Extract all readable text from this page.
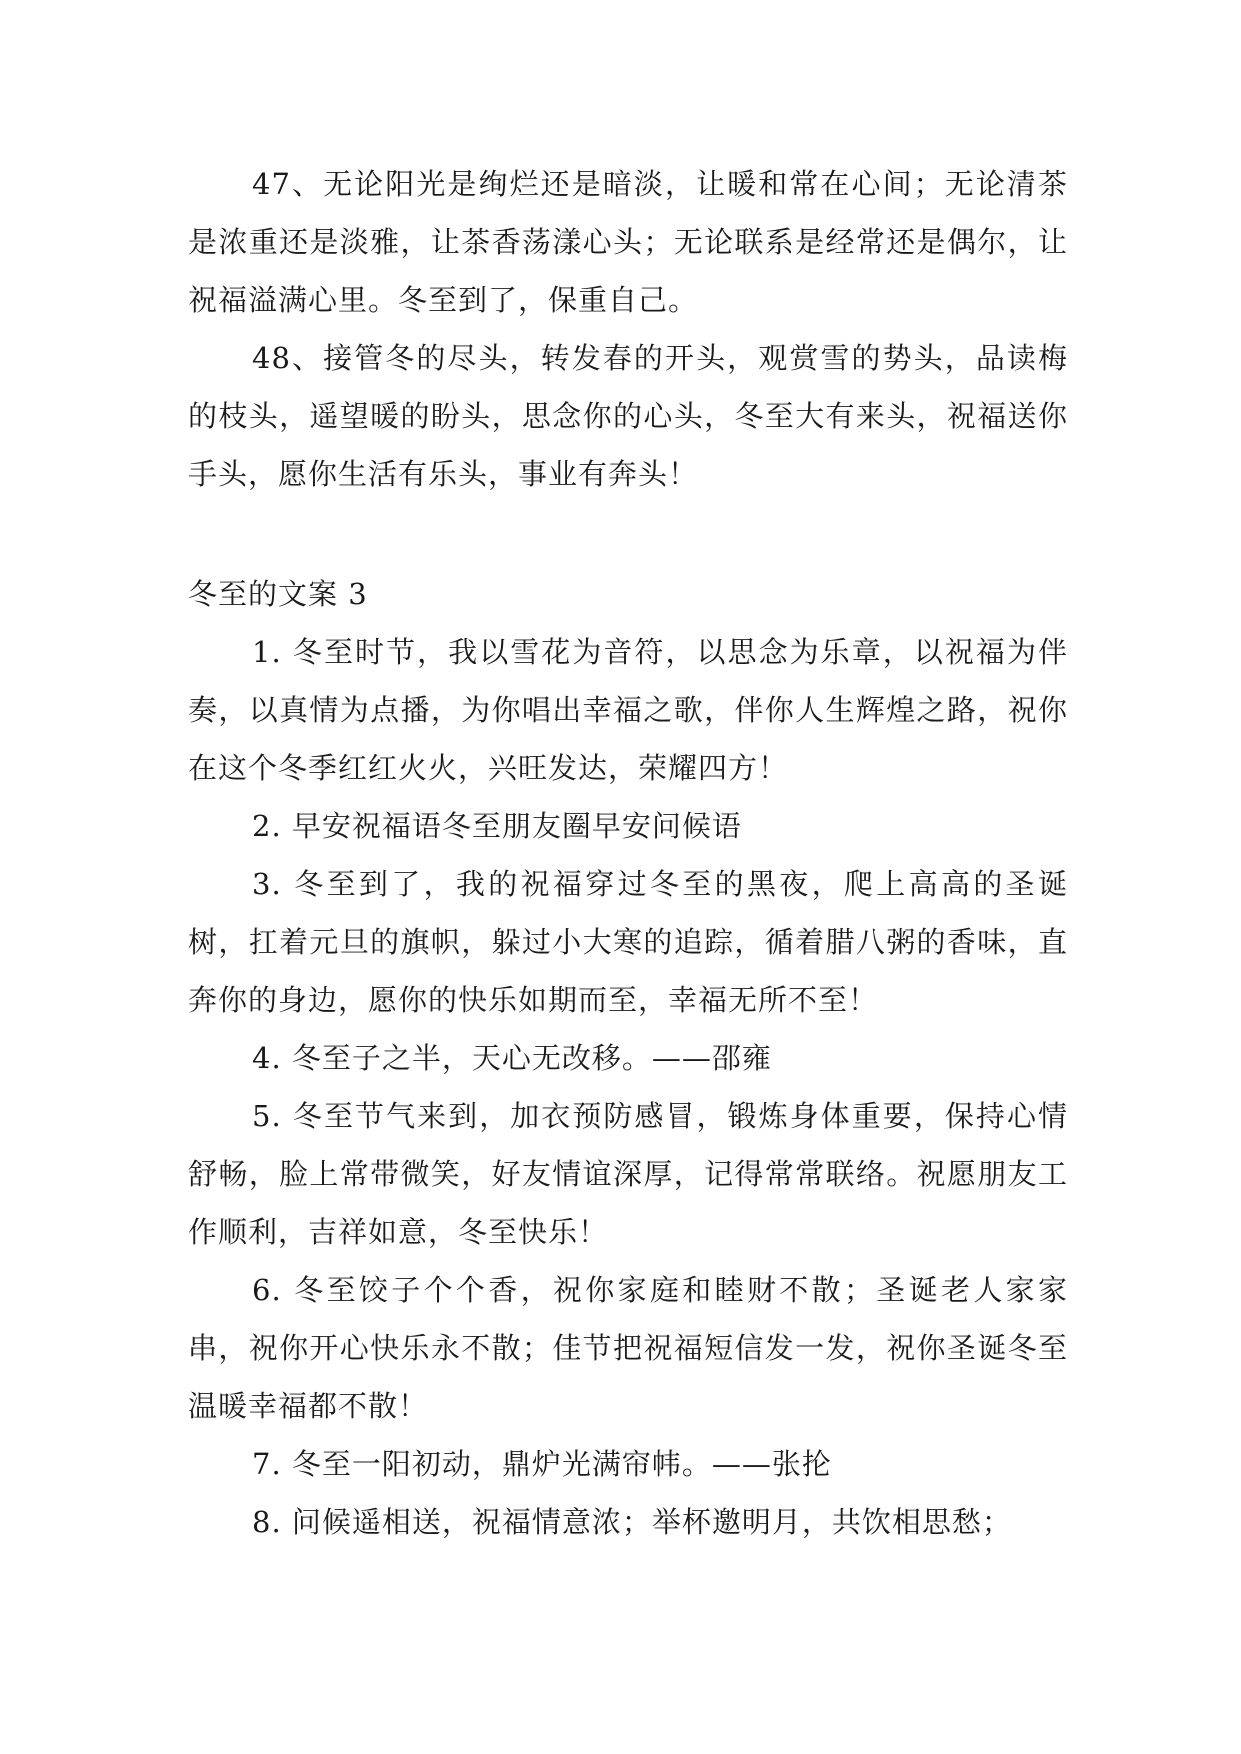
47、无论阳光是绚烂还是暗淡，让暖和常在心间；无论清茶是浓重还是淡雅，让茶香荡漾心头；无论联系是经常还是偶尔，让祝福溢满心里。冬至到了，保重自己。

48、接管冬的尽头，转发春的开头，观赏雪的势头，品读梅的枝头，遥望暖的盼头，思念你的心头，冬至大有来头，祝福送你手头，愿你生活有乐头，事业有奔头！

冬至的文案 3

1. 冬至时节，我以雪花为音符，以思念为乐章，以祝福为伴奏，以真情为点播，为你唱出幸福之歌，伴你人生辉煌之路，祝你在这个冬季红红火火，兴旺发达，荣耀四方！

2. 早安祝福语冬至朋友圈早安问候语

3. 冬至到了，我的祝福穿过冬至的黑夜，爬上高高的圣诞树，扛着元旦的旗帜，躲过小大寒的追踪，循着腊八粥的香味，直奔你的身边，愿你的快乐如期而至，幸福无所不至！

4. 冬至子之半，天心无改移。——邵雍

5. 冬至节气来到，加衣预防感冒，锻炼身体重要，保持心情舒畅，脸上常带微笑，好友情谊深厚，记得常常联络。祝愿朋友工作顺利，吉祥如意，冬至快乐！

6. 冬至饺子个个香，祝你家庭和睦财不散；圣诞老人家家串，祝你开心快乐永不散；佳节把祝福短信发一发，祝你圣诞冬至温暖幸福都不散！

7. 冬至一阳初动，鼎炉光满帘帏。——张抡

8. 问候遥相送，祝福情意浓；举杯邀明月，共饮相思愁；
